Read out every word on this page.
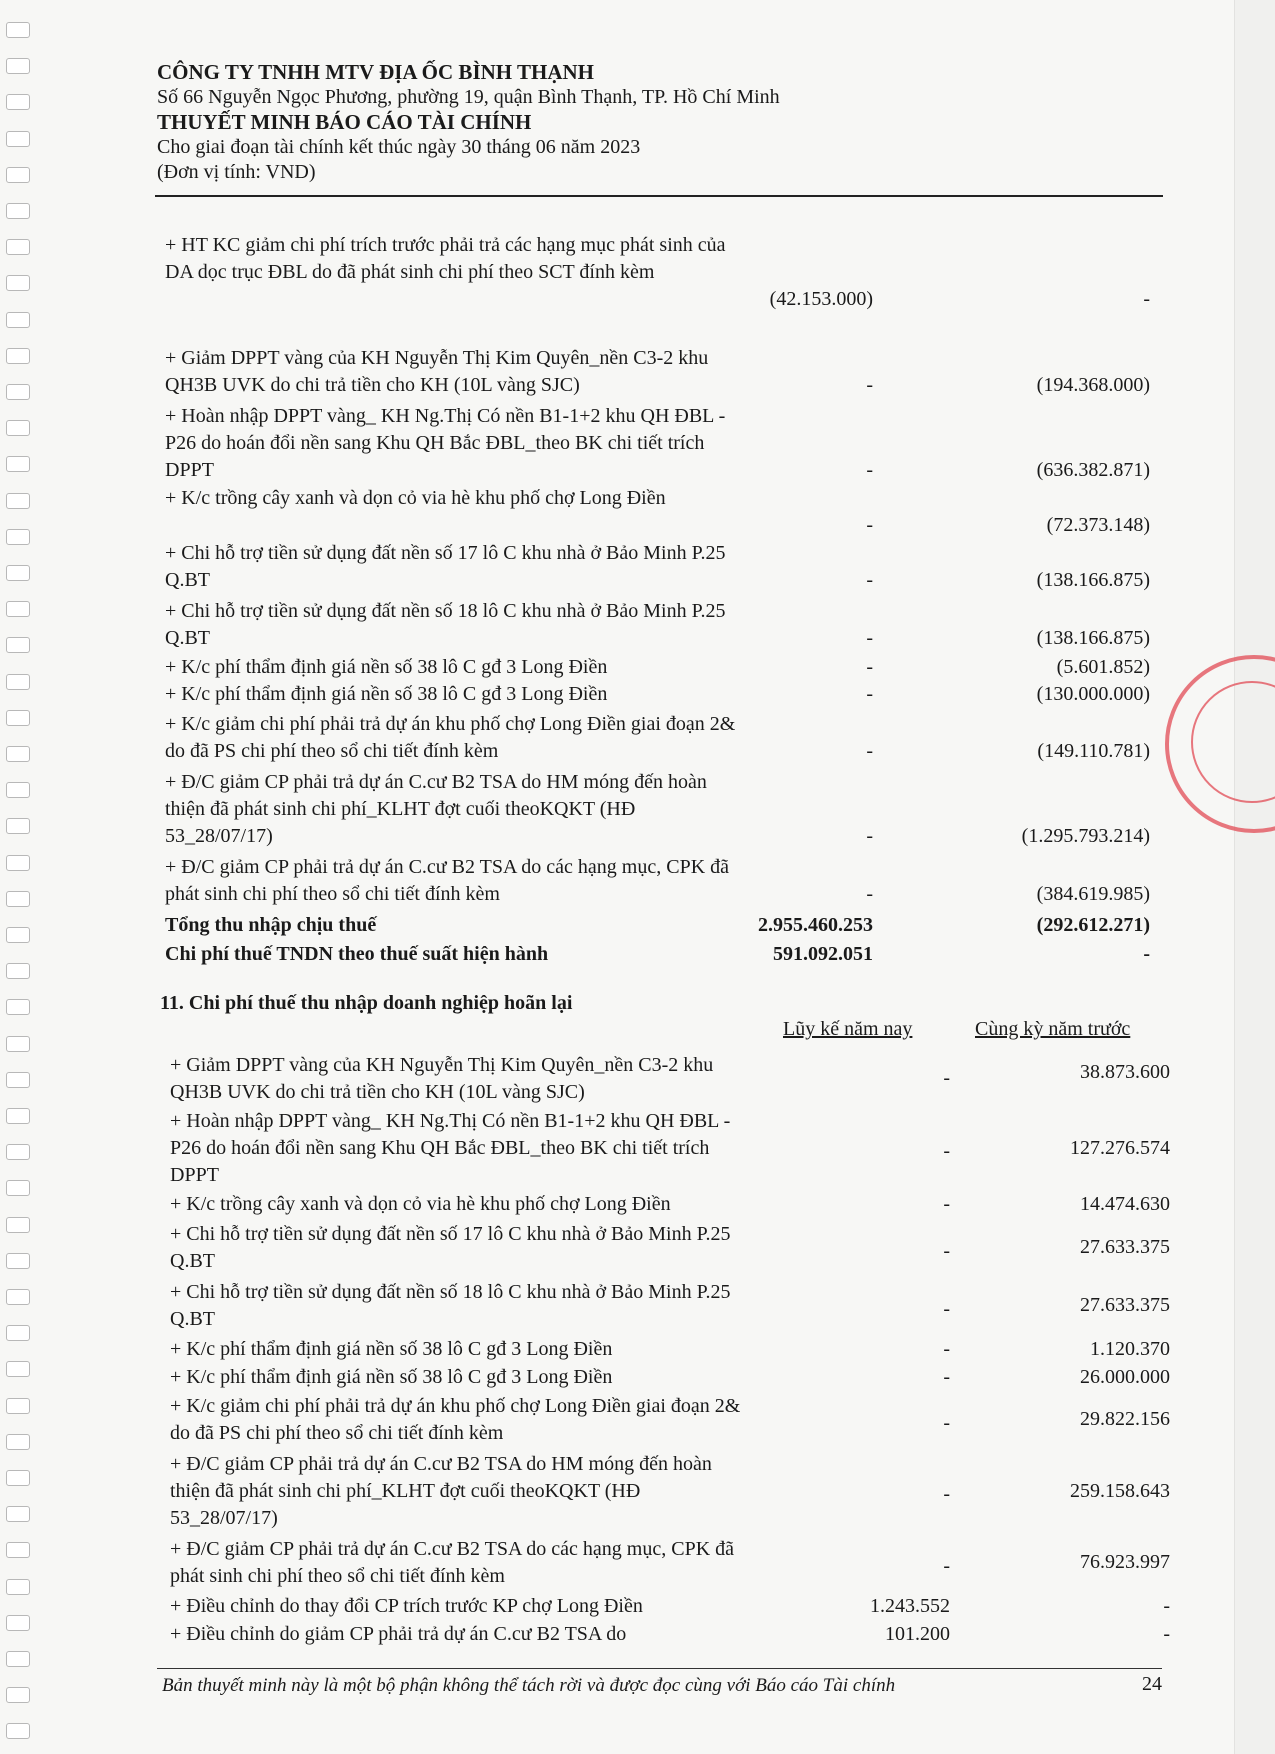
CÔNG TY TNHH MTV ĐỊA ỐC BÌNH THẠNH
Số 66 Nguyễn Ngọc Phương, phường 19, quận Bình Thạnh, TP. Hồ Chí Minh
THUYẾT MINH BÁO CÁO TÀI CHÍNH
Cho giai đoạn tài chính kết thúc ngày 30 tháng 06 năm 2023
(Đơn vị tính: VND)
+ HT KC giảm chi phí trích trước phải trả các hạng mục phát sinh của DA dọc trục ĐBL do đã phát sinh chi phí theo SCT đính kèm
(42.153.000)	-
+ Giảm DPPT vàng của KH Nguyễn Thị Kim Quyên_nền C3-2 khu QH3B UVK do chi trả tiền cho KH (10L vàng SJC)	-	(194.368.000)
+ Hoàn nhập DPPT vàng_ KH Ng.Thị Có nền B1-1+2 khu QH ĐBL - P26 do hoán đổi nền sang Khu QH Bắc ĐBL_theo BK chi tiết trích DPPT	-	(636.382.871)
+ K/c trồng cây xanh và dọn cỏ via hè khu phố chợ Long Điền
-	(72.373.148)
+ Chi hỗ trợ tiền sử dụng đất nền số 17 lô C khu nhà ở Bảo Minh P.25 Q.BT	-	(138.166.875)
+ Chi hỗ trợ tiền sử dụng đất nền số 18 lô C khu nhà ở Bảo Minh P.25 Q.BT	-	(138.166.875)
+ K/c phí thẩm định giá nền số 38 lô C gđ 3 Long Điền	-	(5.601.852)
+ K/c phí thẩm định giá nền số 38 lô C gđ 3 Long Điền	-	(130.000.000)
+ K/c giảm chi phí phải trả dự án khu phố chợ Long Điền giai đoạn 2& do đã PS chi phí theo sổ chi tiết đính kèm	-	(149.110.781)
+ Đ/C giảm CP phải trả dự án C.cư B2 TSA do HM móng đến hoàn thiện đã phát sinh chi phí_KLHT đợt cuối theoKQKT (HĐ 53_28/07/17)	-	(1.295.793.214)
+ Đ/C giảm CP phải trả dự án C.cư B2 TSA do các hạng mục, CPK đã phát sinh chi phí theo sổ chi tiết đính kèm	-	(384.619.985)
Tổng thu nhập chịu thuế	2.955.460.253	(292.612.271)
Chi phí thuế TNDN theo thuế suất hiện hành	591.092.051	-
11. Chi phí thuế thu nhập doanh nghiệp hoãn lại
Lũy kế năm nay	Cùng kỳ năm trước
+ Giảm DPPT vàng của KH Nguyễn Thị Kim Quyên_nền C3-2 khu QH3B UVK do chi trả tiền cho KH (10L vàng SJC)
-	38.873.600
+ Hoàn nhập DPPT vàng_ KH Ng.Thị Có nền B1-1+2 khu QH ĐBL - P26 do hoán đổi nền sang Khu QH Bắc ĐBL_theo BK chi tiết trích DPPT
-	127.276.574
+ K/c trồng cây xanh và dọn cỏ via hè khu phố chợ Long Điền	-	14.474.630
+ Chi hỗ trợ tiền sử dụng đất nền số 17 lô C khu nhà ở Bảo Minh P.25 Q.BT	-	27.633.375
+ Chi hỗ trợ tiền sử dụng đất nền số 18 lô C khu nhà ở Bảo Minh P.25 Q.BT	-	27.633.375
+ K/c phí thẩm định giá nền số 38 lô C gđ 3 Long Điền	-	1.120.370
+ K/c phí thẩm định giá nền số 38 lô C gđ 3 Long Điền	-	26.000.000
+ K/c giảm chi phí phải trả dự án khu phố chợ Long Điền giai đoạn 2& do đã PS chi phí theo sổ chi tiết đính kèm	-	29.822.156
+ Đ/C giảm CP phải trả dự án C.cư B2 TSA do HM móng đến hoàn thiện đã phát sinh chi phí_KLHT đợt cuối theoKQKT (HĐ 53_28/07/17)
-	259.158.643
+ Đ/C giảm CP phải trả dự án C.cư B2 TSA do các hạng mục, CPK đã phát sinh chi phí theo sổ chi tiết đính kèm	-	76.923.997
+ Điều chỉnh do thay đổi CP trích trước KP chợ Long Điền	1.243.552	-
+ Điều chỉnh do giảm CP phải trả dự án C.cư B2 TSA do	101.200	-
Bản thuyết minh này là một bộ phận không thể tách rời và được đọc cùng với Báo cáo Tài chính	24
